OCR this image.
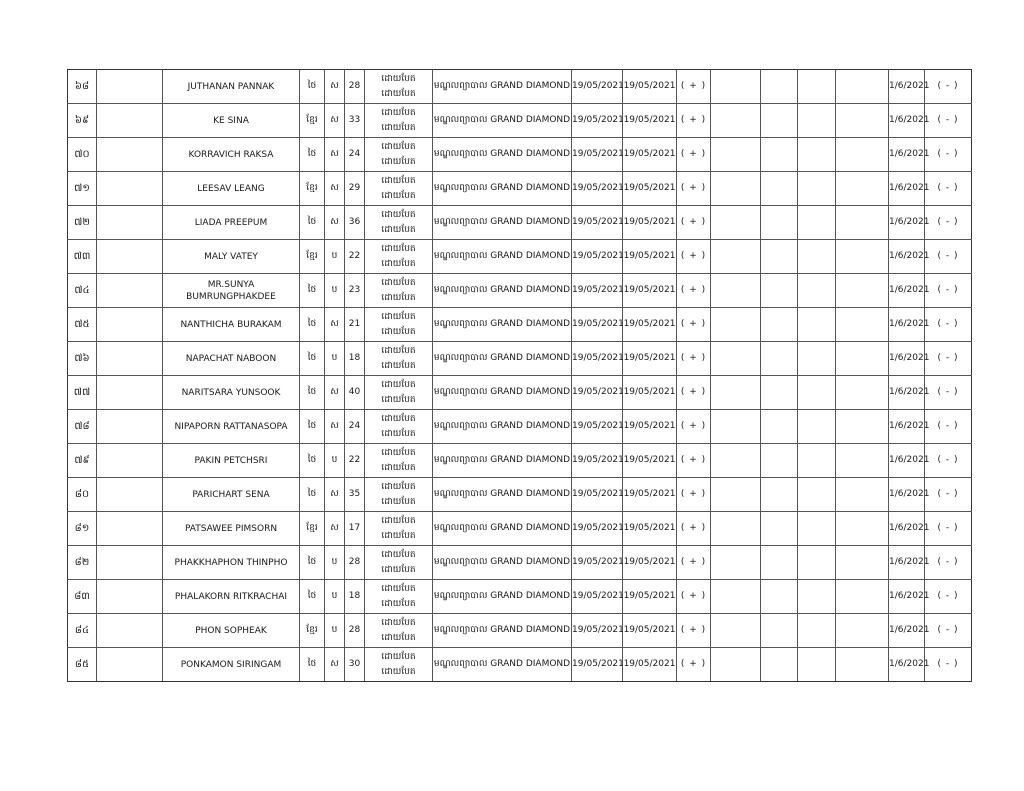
៦៨		JUTHANAN PANNAK	ថៃ	ស	28	ដោយបែត
ដោយបែត	មណ្ឌលព្យាបាល GRAND DIAMOND	19/05/2021	19/05/2021	( + )					1/6/2021	( - )
៦៩		KE SINA	ខ្មែរ	ស	33	ដោយបែត
ដោយបែត	មណ្ឌលព្យាបាល GRAND DIAMOND	19/05/2021	19/05/2021	( + )					1/6/2021	( - )
៧០		KORRAVICH RAKSA	ថៃ	ស	24	ដោយបែត
ដោយបែត	មណ្ឌលព្យាបាល GRAND DIAMOND	19/05/2021	19/05/2021	( + )					1/6/2021	( - )
៧១		LEESAV LEANG	ខ្មែរ	ស	29	ដោយបែត
ដោយបែត	មណ្ឌលព្យាបាល GRAND DIAMOND	19/05/2021	19/05/2021	( + )					1/6/2021	( - )
៧២		LIADA PREEPUM	ថៃ	ស	36	ដោយបែត
ដោយបែត	មណ្ឌលព្យាបាល GRAND DIAMOND	19/05/2021	19/05/2021	( + )					1/6/2021	( - )
៧៣		MALY VATEY	ខ្មែរ	ប	22	ដោយបែត
ដោយបែត	មណ្ឌលព្យាបាល GRAND DIAMOND	19/05/2021	19/05/2021	( + )					1/6/2021	( - )
៧៤		MR.SUNYA BUMRUNGPHAKDEE	ថៃ	ប	23	ដោយបែត
ដោយបែត	មណ្ឌលព្យាបាល GRAND DIAMOND	19/05/2021	19/05/2021	( + )					1/6/2021	( - )
៧៥		NANTHICHA BURAKAM	ថៃ	ស	21	ដោយបែត
ដោយបែត	មណ្ឌលព្យាបាល GRAND DIAMOND	19/05/2021	19/05/2021	( + )					1/6/2021	( - )
៧៦		NAPACHAT NABOON	ថៃ	ប	18	ដោយបែត
ដោយបែត	មណ្ឌលព្យាបាល GRAND DIAMOND	19/05/2021	19/05/2021	( + )					1/6/2021	( - )
៧៧		NARITSARA YUNSOOK	ថៃ	ស	40	ដោយបែត
ដោយបែត	មណ្ឌលព្យាបាល GRAND DIAMOND	19/05/2021	19/05/2021	( + )					1/6/2021	( - )
៧៨		NIPAPORN RATTANASOPA	ថៃ	ស	24	ដោយបែត
ដោយបែត	មណ្ឌលព្យាបាល GRAND DIAMOND	19/05/2021	19/05/2021	( + )					1/6/2021	( - )
៧៩		PAKIN PETCHSRI	ថៃ	ប	22	ដោយបែត
ដោយបែត	មណ្ឌលព្យាបាល GRAND DIAMOND	19/05/2021	19/05/2021	( + )					1/6/2021	( - )
៨០		PARICHART SENA	ថៃ	ស	35	ដោយបែត
ដោយបែត	មណ្ឌលព្យាបាល GRAND DIAMOND	19/05/2021	19/05/2021	( + )					1/6/2021	( - )
៨១		PATSAWEE PIMSORN	ខ្មែរ	ស	17	ដោយបែត
ដោយបែត	មណ្ឌលព្យាបាល GRAND DIAMOND	19/05/2021	19/05/2021	( + )					1/6/2021	( - )
៨២		PHAKKHAPHON THINPHO	ថៃ	ប	28	ដោយបែត
ដោយបែត	មណ្ឌលព្យាបាល GRAND DIAMOND	19/05/2021	19/05/2021	( + )					1/6/2021	( - )
៨៣		PHALAKORN RITKRACHAI	ថៃ	ប	18	ដោយបែត
ដោយបែត	មណ្ឌលព្យាបាល GRAND DIAMOND	19/05/2021	19/05/2021	( + )					1/6/2021	( - )
៨៤		PHON SOPHEAK	ខ្មែរ	ប	28	ដោយបែត
ដោយបែត	មណ្ឌលព្យាបាល GRAND DIAMOND	19/05/2021	19/05/2021	( + )					1/6/2021	( - )
៨៥		PONKAMON SIRINGAM	ថៃ	ស	30	ដោយបែត
ដោយបែត	មណ្ឌលព្យាបាល GRAND DIAMOND	19/05/2021	19/05/2021	( + )					1/6/2021	( - )
